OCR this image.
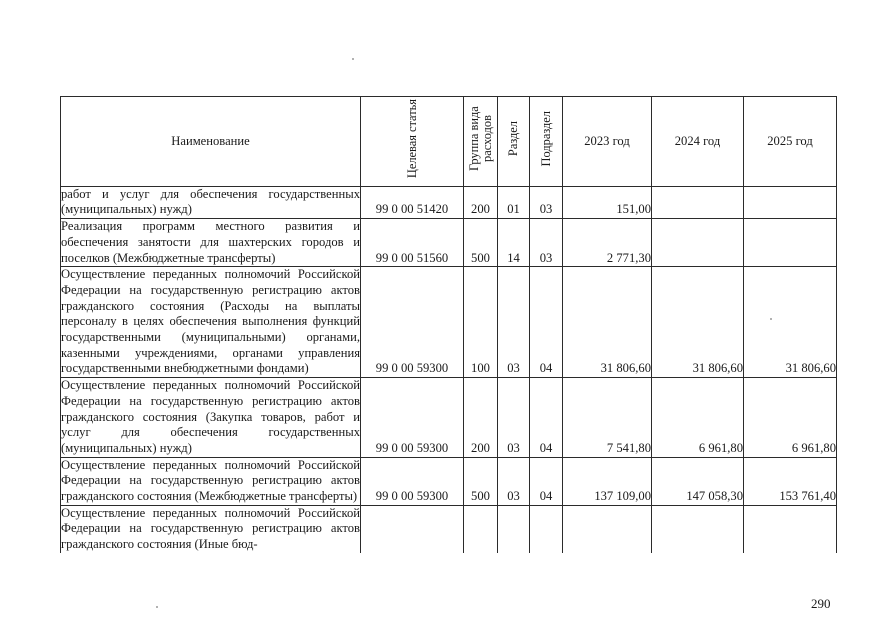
Наименование	Целевая статья	Группа вида расходов	Раздел	Подраздел	2023 год	2024 год	2025 год
работ и услуг для обеспечения государственных (муниципальных) нужд)	99 0 00 51420	200	01	03	151,00		
Реализация программ местного развития и обеспечения занятости для шахтерских городов и поселков (Межбюджетные трансферты)	99 0 00 51560	500	14	03	2 771,30		
Осуществление переданных полномочий Российской Федерации на государственную регистрацию актов гражданского состояния (Расходы на выплаты персоналу в целях обеспечения выполнения функций государственными (муниципальными) органами, казенными учреждениями, органами управления государственными внебюджетными фондами)	99 0 00 59300	100	03	04	31 806,60	31 806,60	31 806,60
Осуществление переданных полномочий Российской Федерации на государственную регистрацию актов гражданского состояния (Закупка товаров, работ и услуг для обеспечения государственных (муниципальных) нужд)	99 0 00 59300	200	03	04	7 541,80	6 961,80	6 961,80
Осуществление переданных полномочий Российской Федерации на государственную регистрацию актов гражданского состояния (Межбюджетные трансферты)	99 0 00 59300	500	03	04	137 109,00	147 058,30	153 761,40
Осуществление переданных полномочий Российской Федерации на государственную регистрацию актов гражданского состояния (Иные бюд-							
290
